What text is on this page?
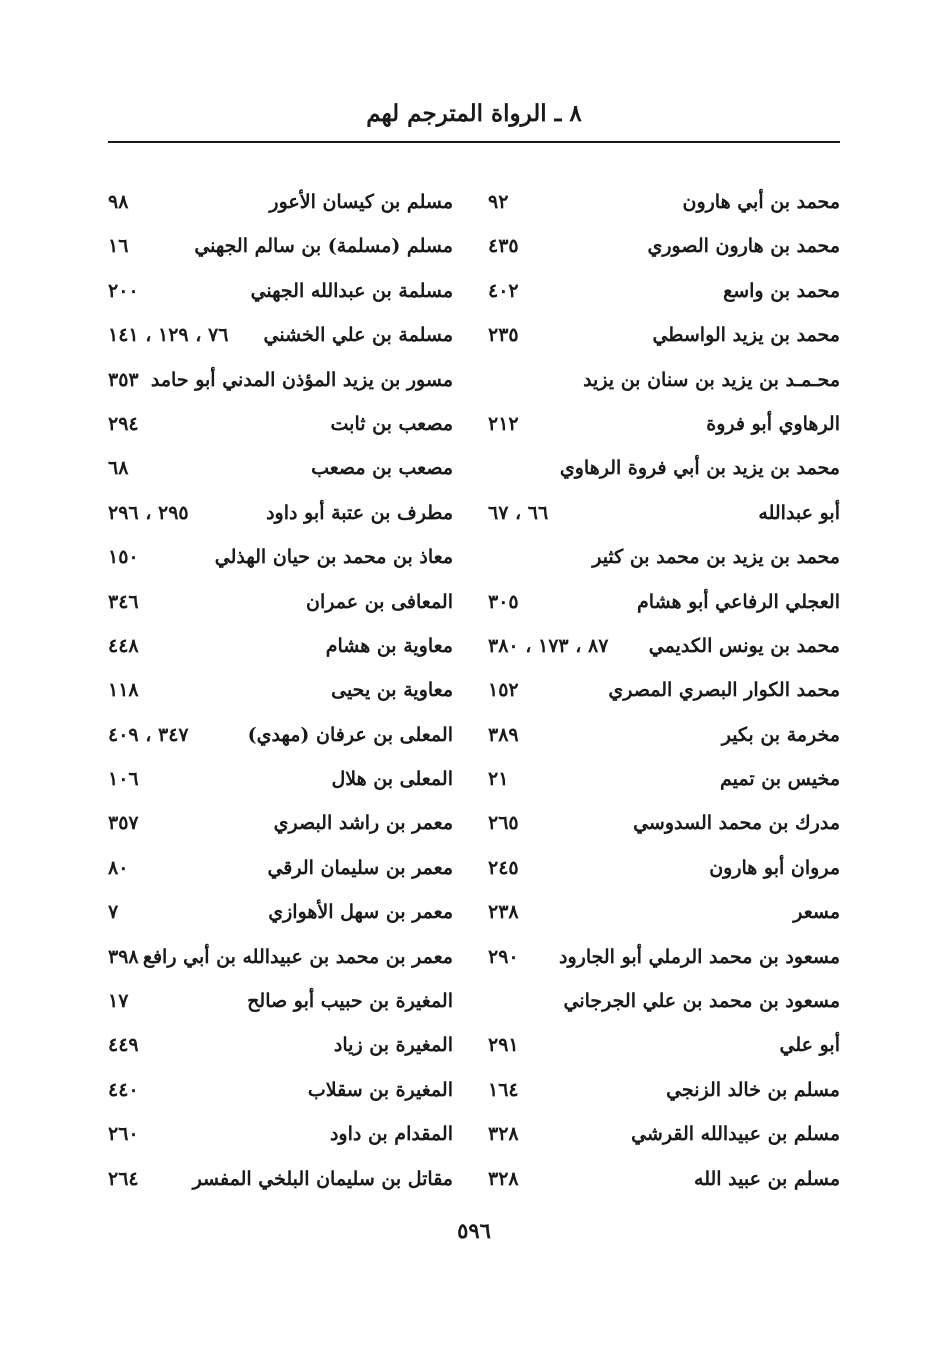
٨ ـ الرواة المترجم لهم
محمد بن أبي هارون
٩٢
محمد بن هارون الصوري
٤٣٥
محمد بن واسع
٤٠٢
محمد بن يزيد الواسطي
٢٣٥
محـمـد بن يزيد بن سنان بن يزيد
الرهاوي أبو فروة
٢١٢
محمد بن يزيد بن أبي فروة الرهاوي
أبو عبدالله
٦٦ ، ٦٧
محمد بن يزيد بن محمد بن كثير
العجلي الرفاعي أبو هشام
٣٠٥
محمد بن يونس الكديمي
٨٧ ، ١٧٣ ، ٣٨٠
محمد الكوار البصري المصري
١٥٢
مخرمة بن بكير
٣٨٩
مخيس بن تميم
٢١
مدرك بن محمد السدوسي
٢٦٥
مروان أبو هارون
٢٤٥
مسعر
٢٣٨
مسعود بن محمد الرملي أبو الجارود
٢٩٠
مسعود بن محمد بن علي الجرجاني
أبو علي
٢٩١
مسلم بن خالد الزنجي
١٦٤
مسلم بن عبيدالله القرشي
٣٢٨
مسلم بن عبيد الله
٣٢٨
مسلم بن كيسان الأعور
٩٨
مسلم (مسلمة) بن سالم الجهني
١٦
مسلمة بن عبدالله الجهني
٢٠٠
مسلمة بن علي الخشني
٧٦ ، ١٢٩ ، ١٤١
مسور بن يزيد المؤذن المدني أبو حامد
٣٥٣
مصعب بن ثابت
٢٩٤
مصعب بن مصعب
٦٨
مطرف بن عتبة أبو داود
٢٩٥ ، ٢٩٦
معاذ بن محمد بن حيان الهذلي
١٥٠
المعافى بن عمران
٣٤٦
معاوية بن هشام
٤٤٨
معاوية بن يحيى
١١٨
المعلى بن عرفان (مهدي)
٣٤٧ ، ٤٠٩
المعلى بن هلال
١٠٦
معمر بن راشد البصري
٣٥٧
معمر بن سليمان الرقي
٨٠
معمر بن سهل الأهوازي
٧
معمر بن محمد بن عبيدالله بن أبي رافع
٣٩٨
المغيرة بن حبيب أبو صالح
١٧
المغيرة بن زياد
٤٤٩
المغيرة بن سقلاب
٤٤٠
المقدام بن داود
٢٦٠
مقاتل بن سليمان البلخي المفسر
٢٦٤
٥٩٦
